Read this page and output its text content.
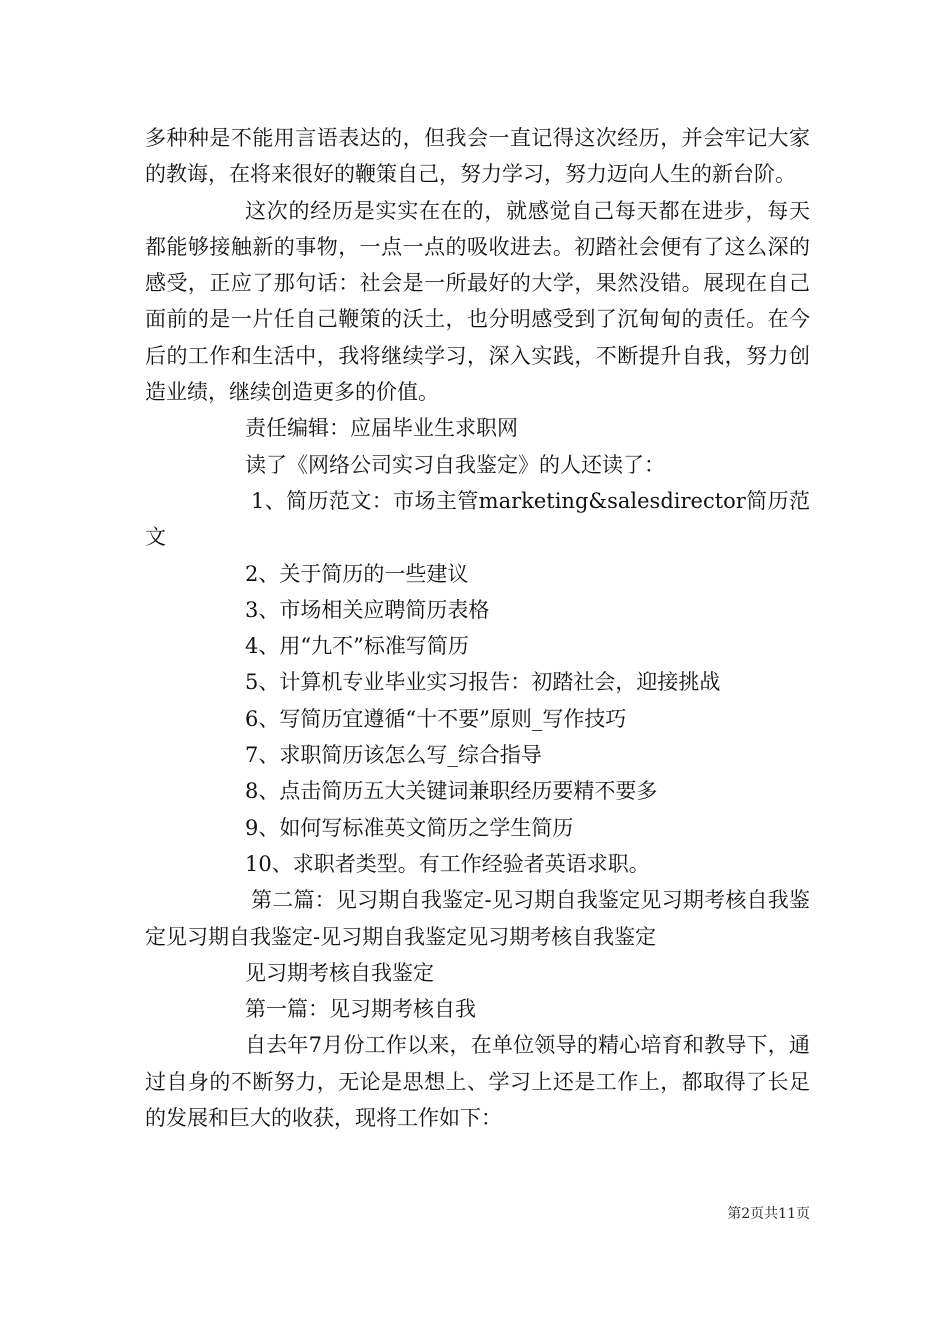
多种种是不能用言语表达的，但我会一直记得这次经历，并会牢记大家的教诲，在将来很好的鞭策自己，努力学习，努力迈向人生的新台阶。

这次的经历是实实在在的，就感觉自己每天都在进步，每天都能够接触新的事物，一点一点的吸收进去。初踏社会便有了这么深的感受，正应了那句话：社会是一所最好的大学，果然没错。展现在自己面前的是一片任自己鞭策的沃土，也分明感受到了沉甸甸的责任。在今后的工作和生活中，我将继续学习，深入实践，不断提升自我，努力创造业绩，继续创造更多的价值。

责任编辑：应届毕业生求职网

读了《网络公司实习自我鉴定》的人还读了：

1、简历范文：市场主管marketing&salesdirector简历范文

2、关于简历的一些建议

3、市场相关应聘简历表格

4、用“九不”标准写简历

5、计算机专业毕业实习报告：初踏社会，迎接挑战

6、写简历宜遵循“十不要”原则_写作技巧

7、求职简历该怎么写_综合指导

8、点击简历五大关键词兼职经历要精不要多

9、如何写标准英文简历之学生简历

10、求职者类型。有工作经验者英语求职。

第二篇：见习期自我鉴定-见习期自我鉴定见习期考核自我鉴定见习期自我鉴定-见习期自我鉴定见习期考核自我鉴定

见习期考核自我鉴定

第一篇：见习期考核自我

自去年7月份工作以来，在单位领导的精心培育和教导下，通过自身的不断努力，无论是思想上、学习上还是工作上，都取得了长足的发展和巨大的收获，现将工作如下：

第2页共11页
